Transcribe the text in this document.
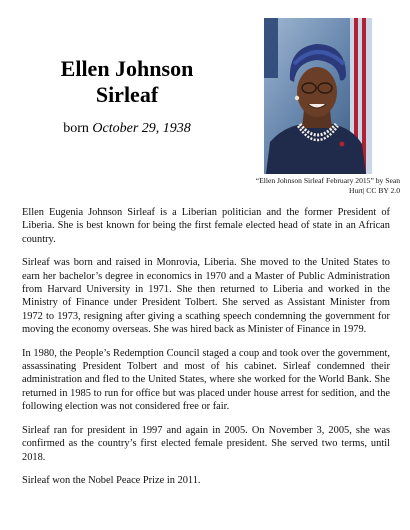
Ellen Johnson
Sirleaf
born October 29, 1938
“Ellen Johnson Sirleaf February 2015” by Sean
Hurt| CC BY 2.0

Ellen Eugenia Johnson Sirleaf is a Liberian politician and the former President of Liberia. She is best known for being the first female elected head of state in an African country.

Sirleaf was born and raised in Monrovia, Liberia. She moved to the United States to earn her bachelor’s degree in economics in 1970 and a Master of Public Administration from Harvard University in 1971. She then returned to Liberia and worked in the Ministry of Finance under President Tolbert. She served as Assistant Minister from 1972 to 1973, resigning after giving a scathing speech condemning the government for moving the economy overseas. She was hired back as Minister of Finance in 1979.

In 1980, the People’s Redemption Council staged a coup and took over the government, assassinating President Tolbert and most of his cabinet. Sirleaf condemned their administration and fled to the United States, where she worked for the World Bank. She returned in 1985 to run for office but was placed under house arrest for sedition, and the following election was not considered free or fair.

Sirleaf ran for president in 1997 and again in 2005. On November 3, 2005, she was confirmed as the country’s first elected female president. She served two terms, until 2018.

Sirleaf won the Nobel Peace Prize in 2011.
